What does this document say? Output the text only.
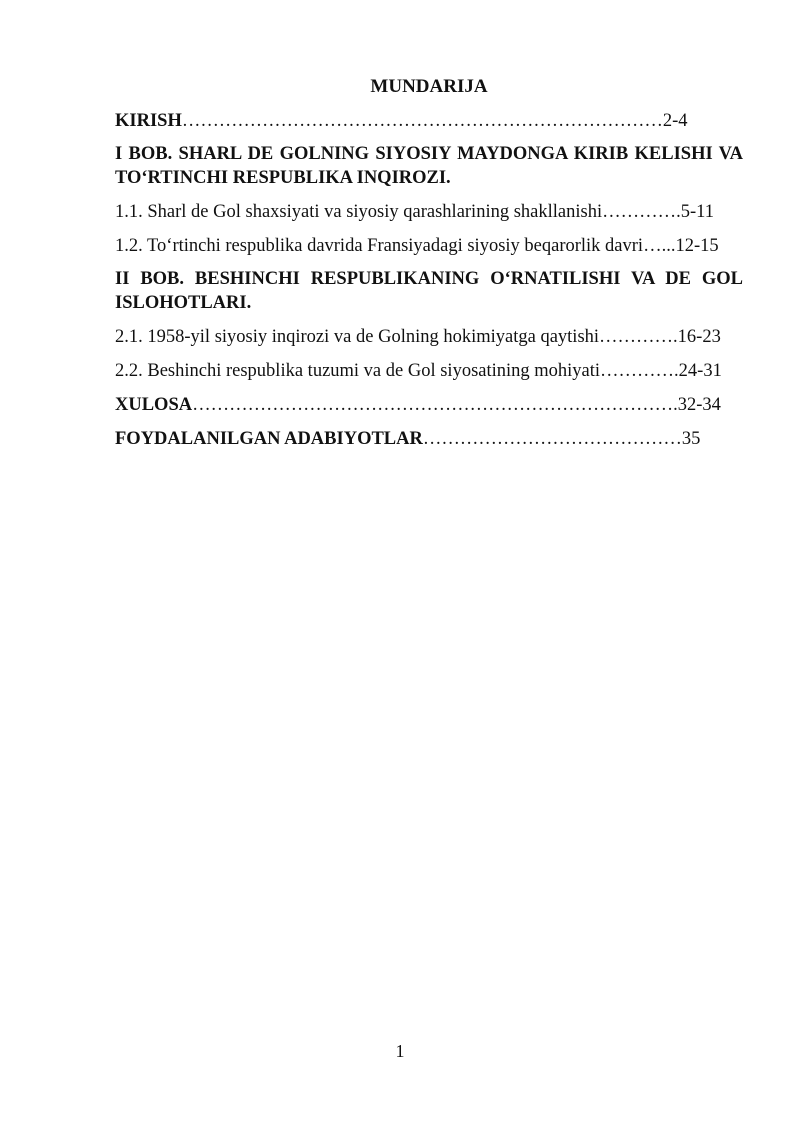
MUNDARIJA
KIRISH……………………………………………………………………2-4
I BOB. SHARL DE GOLNING SIYOSIY MAYDONGA KIRIB KELISHI VA TO‘RTINCHI RESPUBLIKA INQIROZI.
1.1. Sharl de Gol shaxsiyati va siyosiy qarashlarining shakllanishi………….5-11
1.2. To‘rtinchi respublika davrida Fransiyadagi siyosiy beqarorlik davri…...12-15
II BOB. BESHINCHI RESPUBLIKANING O‘RNATILISHI VA DE GOL ISLOHOTLARI.
2.1. 1958-yil siyosiy inqirozi va de Golning hokimiyatga qaytishi………….16-23
2.2. Beshinchi respublika tuzumi va de Gol siyosatining mohiyati………….24-31
XULOSA…………………………………………………………………….32-34
FOYDALANILGAN ADABIYOTLAR……………………………………35
1
